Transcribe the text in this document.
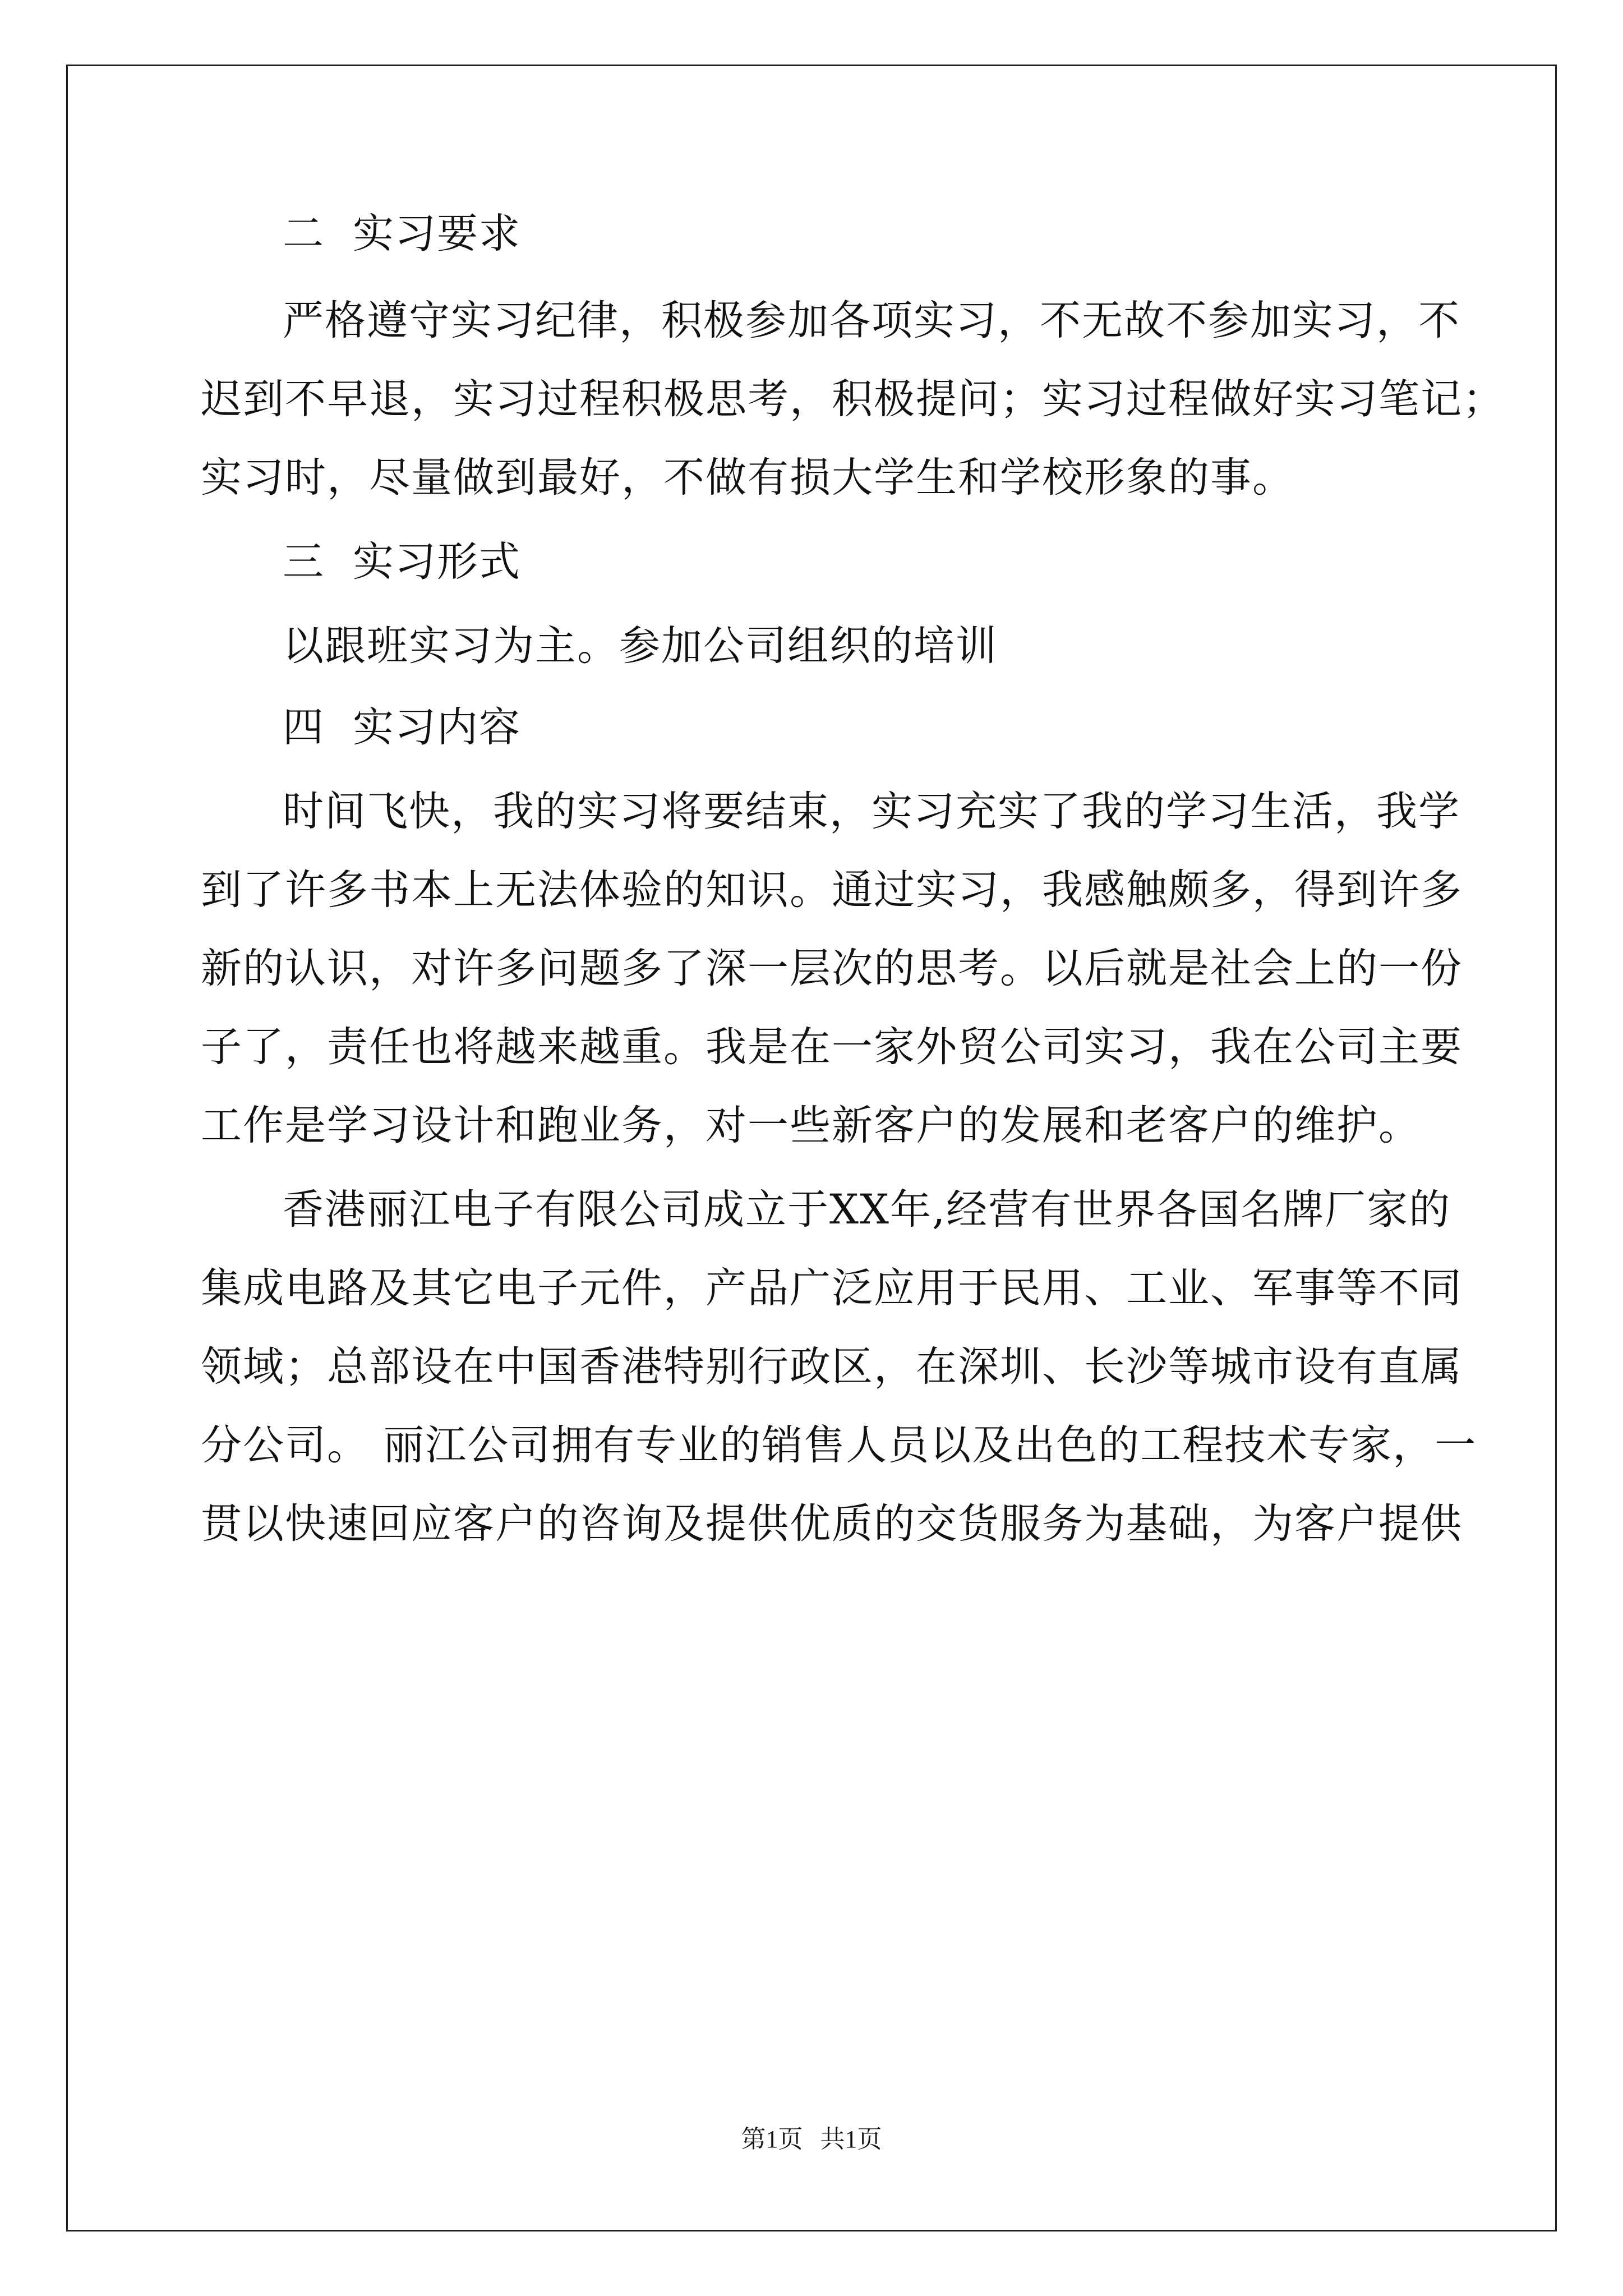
二 实习要求
严格遵守实习纪律，积极参加各项实习，不无故不参加实习，不
迟到不早退，实习过程积极思考，积极提问；实习过程做好实习笔记；
实习时，尽量做到最好，不做有损大学生和学校形象的事。
三 实习形式
以跟班实习为主。参加公司组织的培训
四 实习内容
时间飞快，我的实习将要结束，实习充实了我的学习生活，我学
到了许多书本上无法体验的知识。通过实习，我感触颇多，得到许多
新的认识，对许多问题多了深一层次的思考。以后就是社会上的一份
子了，责任也将越来越重。我是在一家外贸公司实习，我在公司主要
工作是学习设计和跑业务，对一些新客户的发展和老客户的维护。
香港丽江电子有限公司成立于XX年,经营有世界各国名牌厂家的
集成电路及其它电子元件，产品广泛应用于民用、工业、军事等不同
领域；总部设在中国香港特别行政区，在深圳、长沙等城市设有直属
分公司。 丽江公司拥有专业的销售人员以及出色的工程技术专家，一
贯以快速回应客户的咨询及提供优质的交货服务为基础，为客户提供
第1页 共1页
